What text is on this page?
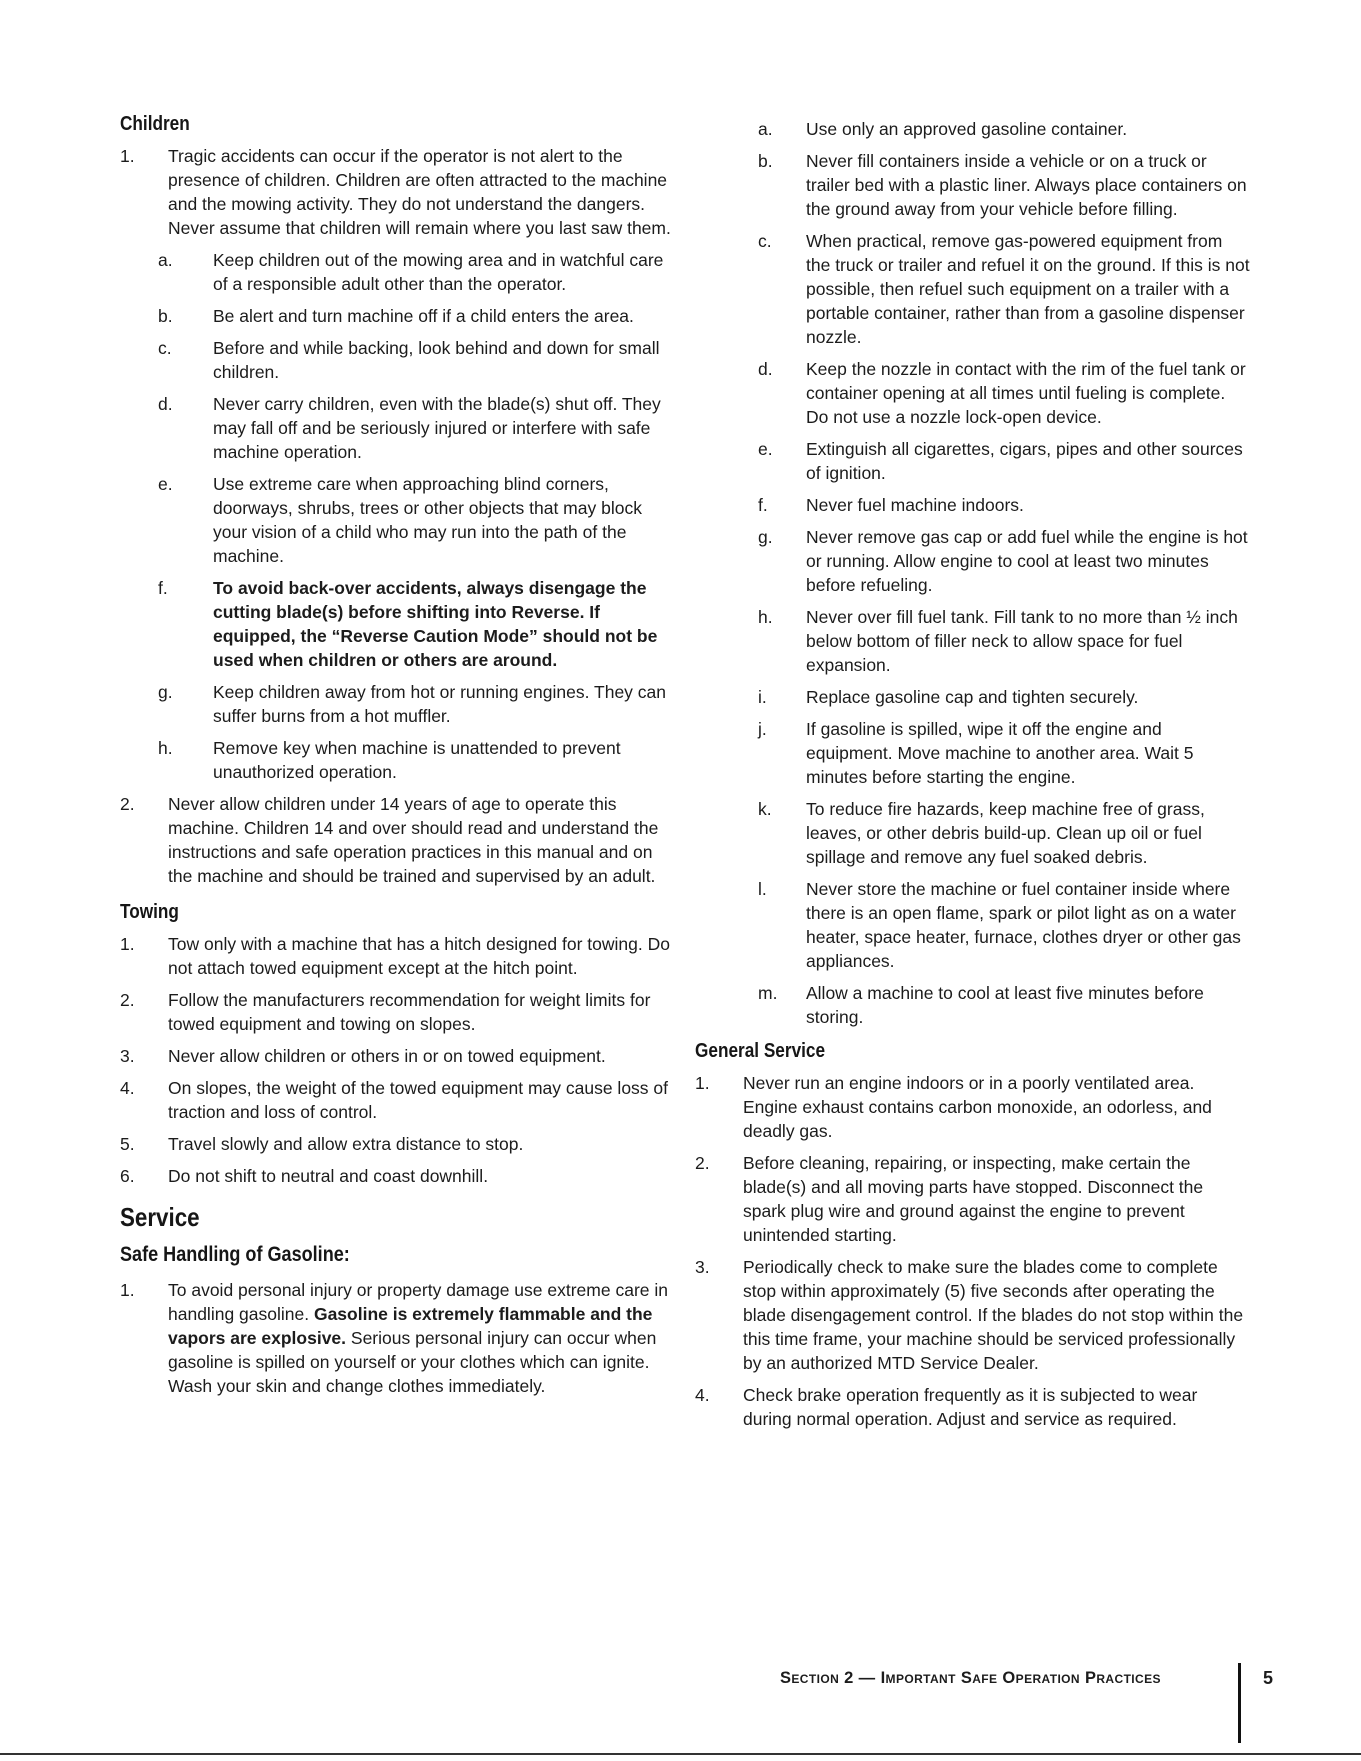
Children
1.	Tragic accidents can occur if the operator is not alert to the presence of children. Children are often attracted to the machine and the mowing activity. They do not understand the dangers. Never assume that children will remain where you last saw them.
a.	Keep children out of the mowing area and in watchful care of a responsible adult other than the operator.
b.	Be alert and turn machine off if a child enters the area.
c.	Before and while backing, look behind and down for small children.
d.	Never carry children, even with the blade(s) shut off. They may fall off and be seriously injured or interfere with safe machine operation.
e.	Use extreme care when approaching blind corners, doorways, shrubs, trees or other objects that may block your vision of a child who may run into the path of the machine.
f.	To avoid back-over accidents, always disengage the cutting blade(s) before shifting into Reverse. If equipped, the “Reverse Caution Mode” should not be used when children or others are around.
g.	Keep children away from hot or running engines. They can suffer burns from a hot muffler.
h.	Remove key when machine is unattended to prevent unauthorized operation.
2.	Never allow children under 14 years of age to operate this machine. Children 14 and over should read and understand the instructions and safe operation practices in this manual and on the machine and should be trained and supervised by an adult.
Towing
1.	Tow only with a machine that has a hitch designed for towing. Do not attach towed equipment except at the hitch point.
2.	Follow the manufacturers recommendation for weight limits for towed equipment and towing on slopes.
3.	Never allow children or others in or on towed equipment.
4.	On slopes, the weight of the towed equipment may cause loss of traction and loss of control.
5.	Travel slowly and allow extra distance to stop.
6.	Do not shift to neutral and coast downhill.
Service
Safe Handling of Gasoline:
1.	To avoid personal injury or property damage use extreme care in handling gasoline. Gasoline is extremely flammable and the vapors are explosive. Serious personal injury can occur when gasoline is spilled on yourself or your clothes which can ignite. Wash your skin and change clothes immediately.
a.	Use only an approved gasoline container.
b.	Never fill containers inside a vehicle or on a truck or trailer bed with a plastic liner. Always place containers on the ground away from your vehicle before filling.
c.	When practical, remove gas-powered equipment from the truck or trailer and refuel it on the ground. If this is not possible, then refuel such equipment on a trailer with a portable container, rather than from a gasoline dispenser nozzle.
d.	Keep the nozzle in contact with the rim of the fuel tank or container opening at all times until fueling is complete. Do not use a nozzle lock-open device.
e.	Extinguish all cigarettes, cigars, pipes and other sources of ignition.
f.	Never fuel machine indoors.
g.	Never remove gas cap or add fuel while the engine is hot or running. Allow engine to cool at least two minutes before refueling.
h.	Never over fill fuel tank. Fill tank to no more than ½ inch below bottom of filler neck to allow space for fuel expansion.
i.	Replace gasoline cap and tighten securely.
j.	If gasoline is spilled, wipe it off the engine and equipment. Move machine to another area. Wait 5 minutes before starting the engine.
k.	To reduce fire hazards, keep machine free of grass, leaves, or other debris build-up. Clean up oil or fuel spillage and remove any fuel soaked debris.
l.	Never store the machine or fuel container inside where there is an open flame, spark or pilot light as on a water heater, space heater, furnace, clothes dryer or other gas appliances.
m.	Allow a machine to cool at least five minutes before storing.
General Service
1.	Never run an engine indoors or in a poorly ventilated area. Engine exhaust contains carbon monoxide, an odorless, and deadly gas.
2.	Before cleaning, repairing, or inspecting, make certain the blade(s) and all moving parts have stopped. Disconnect the spark plug wire and ground against the engine to prevent unintended starting.
3.	Periodically check to make sure the blades come to complete stop within approximately (5) five seconds after operating the blade disengagement control. If the blades do not stop within the this time frame, your machine should be serviced professionally by an authorized MTD Service Dealer.
4.	Check brake operation frequently as it is subjected to wear during normal operation. Adjust and service as required.
Section 2 — Important Safe Operation Practices	5
